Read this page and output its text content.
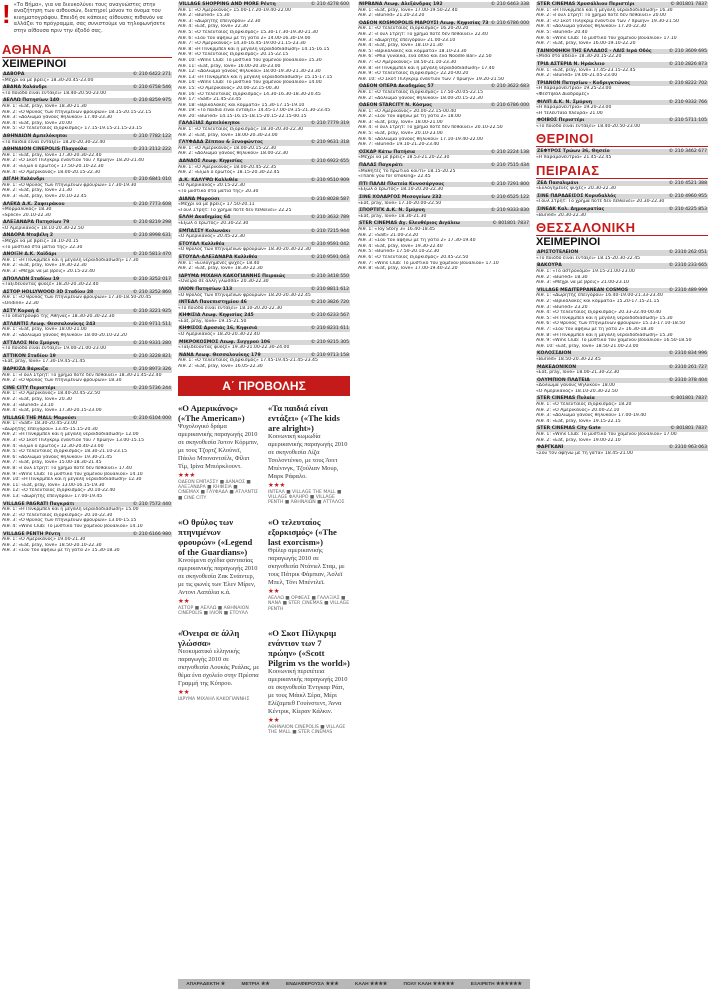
! «Το Βήμα», για να διευκολύνει τους αναγνώστες στην αναζήτηση των αιθουσών, διατηρεί μόνον το όνομα του κινηματογράφου. Επειδή σε κάποιες αίθουσες πιθανόν να αλλάζει το πρόγραμμα, σας συνιστούμε να τηλεφωνήσετε στην αίθουσα πριν την έξοδό σας.
ΑΘΗΝΑ
ΧΕΙΜΕΡΙΝΟΙ
ΔΑΒΟΡΑ	© 210 6422 271
«Μέχρι να με βρεις» 18.30-20.45-23.00
ΑΒΑΝΑ Χαλάνδρι	© 210 6758 546
«Το ποιόδό είναι εντάξει» 18.40-20.50-23.00
ΑΕΛΛΩ Πατησίων 140	© 210 8259 975
Αίθ. 1: «Eat, pray, love» 18.30-21.30
Αίθ. 2: «Ο θρύλος των πτηνιμένων φρουρών» 18.15-20.15-22.15
Αίθ. 3: «Δολιώμα γάνους θηλυκού» 17.40-23.30
Αίθ. 4: «Eat, pray, love» 20.00
Αίθ. 5: «Ο τελευταίος εξορκισμός» 17.15-19.15-21.15-23.15
ΑΘΗΝΑΙΩΝ Αμπελόκηποι	© 210 7782 122
«Το παιδιά είναι εντάξει» 18.20-20.30-22.40
ΑΘΗΝΑΙΟΝ CINEPOLIS Πλαγούλα	© 211 2112 222
Αίθ. 1: «Eat, pray, love» 17.30-20.30-22.40
Αίθ. 2: «Ο Σκοτ Πίλγκριμ ενάντιον του 7 πρώην» 18.20-21.40
Αίθ. 3: «Εξωλ ο έρωτος» 17.50-20.10-22.30
Αίθ. 4: «Ο Αμερικάνος» 18.00-20.15-22.30
ΑΙΓΛΗ Χαλάνδρι	© 210 6841 010
Αίθ. 1: «Ο θρύλος των πτηνιμένων φρουρών» 17.30-19.30
Αίθ. 2: «Eat, pray, love» 21.30
Αίθ. 3: «Eat, pray, love» 20.10-22.45
ΑΛΕΚΑ Δ.Κ. Ζαφειράκου	© 210 7773 608
«Μορμαλύκος» 18.30
«Splice» 20.10-22.30
ΑΛΕΞΑΝΔΡΑ Πατησίων 79	© 210 8219 298
«Ο Αμερικάνος» 18.10-20.30-22.50
ΑΝΔΟΡΑ Νταβέλη 2	© 210 8998 631
«Μέχρι να με βρεις» 18.10-20.15
«Το μυστικό στα μάτια της» 22.30
ΑΝΟΙΞΗ Δ.Κ. Χαϊδάρι	© 210 5813 470
Αίθ. 1: «Η Πίνκρμπελ και η μεγάλη νεραϊδοδιάσωση» 17.30
Αίθ. 2: «Eat, pray, love» 19.30-22.30
Αίθ. 3: «Μέχρι να με βρεις» 20.15-22.40
ΑΠΟΛΛΩΝ Σταδίου 19	© 210 3252 017
«Ταξιδεύοντας φύοζε» 18.20-20.30-22.40
ΑΣΤΟΡ HOLLYWOOD 3D Σταδίου 28	© 210 3252 860
Αίθ. 1: «Ο θρύλος των πτηνιμένων φρουρών» 17.30-18.50-20.45
«Ondine» 22.30
ΑΣΤΥ Κοραή 4	© 210 3221 925
«Το οπιάτρουφο της Αθήνας» 18.30-20.30-22.30
ΑΤΛΑΝΤΙΣ Λεωφ. Θεσσαλονίκης 243	© 210 9711 511
Αίθ. 1: «Eat, pray, love» 18.00-21.00
Αίθ. 2: «Δολιώμα γάνους θηλυκού» 18.00-20.10-22.20
ΑΤΤΑΛΟΣ Νέα Σμύρνη	© 210 9331 280
«Το ποιόδό είναι εντάξει» 19.00-21.00-23.00
ΑΤΤΙΚΟΝ Σταδίου 19	© 210 3228 821
«Eat, pray, love» 17.30-19.45-21.45
ΒΑΡΚΙΖΑ Βάρκιζα	© 210 8973 326
Αίθ. 1: «Γουλ Στρητ: Το χρήμα ποτέ δεν πεθαίνει» 18.30-21.45-22.40
Αίθ. 2: «Ο θρύλος των πτηνιμένων φρουρών» 18.30
CINE CITY Περιστέρι	© 210 5736 244
Αίθ. 1: «Ο Αμερικάνος» 18.40-20.45-22.50
Αίθ. 2: «Eat, pray, love» 20.30
Αίθ. 3: «Buried» 23.10
Αίθ. 4: «Eat, pray, love» 17.30-20.15-23.00
VILLAGE THE MALL Μαρούσι	© 210 6104 000
Αίθ. 1: «Salt» 18.30-20.45-23.00
«Δωρητής επειγόρου» 13.45-15.15-20.30
Αίθ. 2: «Η Πίνκρμπελ και η μεγάλη νεραϊδοδιάσωση» 12.00
Αίθ. 3: «Ο Σκοτ Πίλγκριμ ενάντιον του 7 πρώην» 13.00-15.15
Αίθ. 4: «Εξωλ ο έρωτος» 12.30-20.40-23.00
Αίθ. 5: «Ο τελευταίος εξορκισμός» 18.30-21.10-23.15
Αίθ. 6: «Δολιώμα γάνους θηλυκού» 19.30-21.45
Αίθ. 7: «Eat, pray, love» 15.00-18.30-21.45
Αίθ. 8: «Γουλ Στρητ: Το χρήμα ποτέ δεν πεθαίνει» 17.40
Αίθ. 9: «Wins Club: Το μυστικό του χαμένου βουαλιού» 14.10
Αίθ. 10: «Η Πίνκρμπελ και η μεγάλη νεραϊδοδιάσωση» 12.30
Αίθ. 11: «Eat, pray, love» 13.00-16.15-19.30
Αίθ. 12: «Ο τελευταίος εξορκισμός» 20.10-22.40
Αίθ. 13: «Δωρητής επειγόρου» 17.00-19.45
VILLAGE PAGRATI Παγκράτι	© 210 7572 440
Αίθ. 1: «Η Πίνκρμπελ και η μεγάλη νεραϊδοδιάσωση» 15.00
Αίθ. 2: «Ο τελευταίος εξορκισμός» 20.10-22.30
Αίθ. 3: «Ο θρύλος των πτηνιμένων φρουρών» 13.00-15.15
Αίθ. 4: «Wins Club: Το μυστικό του χαμένου βουαλιού» 14.10
VILLAGE ΡΕΝΤΗ Ρέντη	© 210 6166 980
Αίθ. 1: «Ο Αμερικάνος» 19.00-21.30
Αίθ. 2: «Eat, pray, love» 18.50-20.10-22.30
Αίθ. 3: «Σου τον αφήνω με τη γάτα 2» 15.30-18.30
VILLAGE SHOPPING AND MORE Ρέντη	© 210 4278 600
Αίθ. 1: «Ο Αμερικάνος» 15.00-17.20-19.40-22.00
Αίθ. 2: «Buried» 15.30
Αίθ. 3: «Δωρητής επειγόρου» 22.30
Αίθ. 4: «Eat, pray, love» 22.30
Αίθ. 5: «Ο τελευταίος εξορκισμός» 15.30-17.30-19.30-21.30
Αίθ. 6: «Σου τον αφήνω με τη γάτα 2» 14.00-16.30-19.00
Αίθ. 7: «Ο Αμερικάνος» 14.30-16.45-19.00-21.15-23.30
Αίθ. 8: «Η Πίνκρμπελ και η μεγάλη νεραϊδοδιάσωση» 14.15-16.15
Αίθ. 9: «Ο τελευταίος εξορκισμός» 20.15-22.15
Αίθ. 10: «Wins Club: Το μυστικό του χαμένου βουαλιού» 15.30
Αίθ. 11: «Eat, pray, love» 16.00-20.30-23.00
Αίθ. 12: «Δολιώμα γάνους θηλυκού» 18.00-19.30-21.30-23.30
Αίθ. 13: «Η Πίνκρμπελ και η μεγάλη νεραϊδοδιάσωση» 15.15-17.15
Αίθ. 14: «Wins Club: Το μυστικό του χαμένου βουαλιού» 14.00
Αίθ. 15: «Ο Αμερικάνος» 20.00-22.15-00.30
Αίθ. 16: «Ο τελευταίος εξορκισμός» 14.30-16.30-18.30-20.45
Αίθ. 17: «Salt» 21.45-23.45
Αίθ. 18: «Βρικόλακες και κόμματα» 15.30-17.15-19.10
Αίθ. 19: «Το παιδιά είναι εντάξει» 14.45-17.00-19.15-21.30-23.45
Αίθ. 20: «Buried» 14.15-16.15-18.15-20.15-22.15-00.15
ΓΑΛΑΞΙΑΣ Αμπελόκηποι	© 210 7779 319
Αίθ. 1: «Ο τελευταίος εξορκισμός» 18.30-20.30-22.30
Αίθ. 2: «Eat, pray, love» 18.00-20.30-23.00
ΓΛΥΦΑΔΑ Ζέππου & Ξενοφώντος	© 210 9631 318
Αίθ. 1: «Ο Αμερικάνος» 18.00-20.15-22.30
Αίθ. 2: «Δολιώμα γάνους θηλυκού» 18.00-22.30
ΔΑΝΑΟΣ Λεωφ. Κηφισίας	© 210 6922 655
Αίθ. 1: «Ο Αμερικάνος» 18.00-20.45-22.35
Αίθ. 2: «Εξωλ ο έρωτος» 18.15-20.30-22.45
Δ.Κ. ΚΑΛΥΨΩ Καλλιθέα	© 210 9510 909
«Ο Αμερικάνος» 20.15-22.30
«Το μυστικό στα μάτια της» 20.30
ΔΙΑΝΑ Μαρούσι	© 210 8028 587
«Μέχρι να με βρεις» 17.50-20.11
«Γουλ Στρητ: Το χρήμα ποτέ δεν πεθαίνει» 22.25
ΕΛΛΗ Ακαδημίας 64	© 210 3632 789
«Εξωλ ο έρωτος» 20.30-22.30
ΕΜΠΑΣΣΥ Κολωνάκι	© 210 7215 944
«Ο Αμερικάνος» 20.45-22.30
ΕΤΟΥΑΛ Καλλιθέα	© 210 9591 042
«Ο θρύλος των πτηνιμένων φρουρών» 18.30-20.30-22.30
ΕΤΟΥΑΛ-ΑΛΕΞΑΝΔΡΑ Καλλιθέα	© 210 9591 043
Αίθ. 1: «Ευλογημένες ψυχές» 18.40
Αίθ. 2: «Eat, pray, love» 18.30-22.30
ΙΔΡΥΜΑ ΜΙΧΑΗΛ ΚΑΚΟΓΙΑΝΝΗΣ Πειραιώς	© 210 3418 550
«Όνειρα σε άλλη γλώσσα» 20.30-22.30
ΙΛΙΟΝ Πατησίων 113	© 210 8811 612
«Ο θρύλος των πτηνιμένων φρουρών» 18.20-20.30-22.45
ΙΝΤΕΑΛ Πανεπιστημίου 46	© 210 3826 720
«Το ποιόδό είναι εντάξει» 18.10-20.20-22.30
ΚΗΦΙΣΙΑ Λεωφ. Κηφισίας 245	© 210 6233 567
«Eat, pray, love» 19.15-21.50
ΚΗΦΙΣΟΣ Δροσιάς 16, Κηφισιά	© 210 8231 611
«Ο Αμερικάνος» 18.20-20.30-22.40
ΜΙΚΡΟΚΟΣΜΟΣ Λεωφ. Συγγρού 106	© 210 9215 305
«Ταξιδεύοντας φύοζε» 19.30-21.00-22.30-24.00
NANA Λεωφ. Θεσσαλονίκης 179	© 210 9713 158
Αίθ. 1: «Ο τελευταίος εξορκισμός» 17.45-19.45-21.45-23.45
Αίθ. 2: «Eat, pray, love» 16.05-22.30
Α΄ ΠΡΟΒΟΛΗΣ
«Ο Αμερικάνος» («The American»)
Ψυχολογικό δράμα αμερικανικής παραγωγής 2010 σε σκηνοθεσία Άντον Κόρμπιν, με τους Τζορτζ Κλούνεϊ, Πάολο Μποναντσέλι, Φίλιπ Τίμ, Ιρίνα Μπιόρκλουντ.
★★★
ΟΔΕΟΝ ΕΜΠΑΣΣΥ ■ ΔΑΝΑΟΣ ■ ΑΛΕΞΑΝΔΡΑ ■ ΚΗΦΙΣΙΑ ■ CINEMAX ■ ΓΛΥΦΑΔΑ ■ ΑΤΛΑΝΤΙΣ ■ CINE CITY
«Τα παιδιά είναι εντάξει» («The kids are alright»)
Κοινωνική κωμωδία αμερικανικής παραγωγής 2010 σε σκηνοθεσία Λίζα Τσολοντένκο, με τους Άνετ Μπένινγκ, Τζούλιαν Μουρ, Μαρκ Ράφαλο.
★★★
ΙΝΤΕΑΛ ■ VILLAGE THE MALL ■ VILLAGE ΦΑΛΗΡΟ ■ VILLAGE ΡΕΝΤΗ ■ ΑΘΗΝΑΙΩΝ ■ ΑΤΤΑΛΟΣ
«Ο θρύλος των πτηνιμένων φρουρών» («Legend of the Guardians»)
Κινούμενα σχέδια φαντασίας αμερικανικής παραγωγής 2010 σε σκηνοθεσία Ζακ Σνάιντερ, με τις φωνές των Έλεν Μίρεν, Αντονι Λαπάλια κ.ά.
★★
ΑΣΤΟΡ ■ ΑΕΛΛΩ ■ ΑΘΗΝΑΙΟΝ CINEPOLIS ■ ΙΛΙΟΝ ■ ΕΤΟΥΑΛ
«Ο τελευταίος εξορκισμός» («The last exorcism»)
Θρίλερ αμερικανικής παραγωγής 2010 σε σκηνοθεσία Ντάνιελ Σταμ, με τους Πάτρικ Φάμπιαν, Άσλεϊ Μπελ, Τόνι Μπέντλεϊ.
★★
ΑΕΛΛΩ ■ ΟΡΦΕΑΣ ■ ΓΑΛΑΞΙΑΣ ■ NANA ■ STER CINEMAS ■ VILLAGE ΡΕΝΤΗ
«Όνειρα σε άλλη γλώσσα»
Νεοκυματικό ελληνικής παραγωγής 2010 σε σκηνοθεσία Λουκάς Ρεάλας, με θέμα ένα σχολείο στην Πρέσπα Γραμμή της Κύπρου.
★★
ΙΔΡΥΜΑ ΜΙΧΑΗΛ ΚΑΚΟΓΙΑΝΝΗΣ
«Ο Σκοτ Πίλγκριμ ενάντιον των 7 πρώην» («Scott Pilgrim vs the world»)
Κοινωνική περιπέτεια αμερικανικής παραγωγής 2010 σε σκηνοθεσία Έντγκαρ Ράιτ, με τους Μάικλ Σέρα, Μέρι Ελίζαμπεθ Γουίνστεντ, Άννα Κέντρικ, Κίεραν Κάλκιν.
★★
ΑΘΗΝΑΙΟΝ CINEPOLIS ■ VILLAGE THE MALL ■ STER CINEMAS
ΝΙΡΒΑΝΑ Λεωφ. Αλεξάνδρας 192	© 210 6463 338
Αίθ. 1: «Eat, pray, love» 17.00-19.50-22.40
Αίθ. 2: «Buried» 21.20-23.20
ΟΔΕΟΝ KOSMOPOLIS ΜΑΡΟΥΣΙ Λεωφ. Κηφισίας 73 © 210 6786 000
Αίθ. 1: «Ο τελευταίος εξορκισμός» 16.20-20.20
Αίθ. 2: «Γουλ Στρητ: Το χρήμα ποτέ δεν πεθαίνει» 22.40
Αίθ. 3: «Δωρητής επειγόρου» 21.00-23.10
Αίθ. 4: «Eat, pray, love» 18.10-21.30
Αίθ. 5: «Βρικόλακες και κόμματα» 18.10-23.30
Αίθ. 6: «Μια γυναίκα, ένα όπλο και ένα Noodle Bar» 22.50
Αίθ. 7: «Ο Αμερικάνος» 18.50-21.10-23.30
Αίθ. 8: «Η Πίνκρμπελ και η μεγάλη νεραϊδοδιάσωση» 17.40
Αίθ. 9: «Ο τελευταίος εξορκισμός» 22.20-00.20
Αίθ. 10: «Ο Σκοτ Πίλγκριμ ενάντιον των 7 πρώην» 19.20-21.50
ΟΔΕΟΝ ΟΠΕΡΑ Ακαδημίας 57	© 210 3622 683
Αίθ. 1: «Ο τελευταίος εξορκισμός» 17.50-20.05-22.15
Αίθ. 2: «Δολιώμα γάνους θηλυκού» 18.00-20.15-22.30
ΟΔΕΟΝ STARCITY Ν. Κόσμος	© 210 6786 000
Αίθ. 1: «Ο Αμερικάνος» 20.00-22.15-00.40
Αίθ. 2: «Σου τον αφήνω με τη γάτα 2» 18.00
Αίθ. 3: «Eat, pray, love» 18.00-21.00
Αίθ. 4: «Γουλ Στρητ: Το χρήμα ποτέ δεν πεθαίνει» 20.10-22.50
Αίθ. 5: «Eat, pray, love» 20.10-23.00
Αίθ. 6: «Δολιώμα γάνους θηλυκού» 17.10-19.40-22.00
Αίθ. 7: «Buried» 19.10-21.20-23.40
ΟΣΚΑΡ Κάτω Πατήσια	© 210 2224 138
«Μέχρι να με βρεις» 18.53-21.20-22.30
ΠΑΛΑΣ Παγκράτι	© 210 7515 434
«Μαθητές το πρωτινό κουτί» 18.15-20.25
«Thank you for smoking» 22.45
ΠΤΙ ΠΑΛΑΙ Πλατεία Κυνοσάργους	© 210 7291 800
«Εξωλ ο έρωτος» 18.10-20.20-22.30
ΣΙΝΕ ΧΟΛΑΡΓΟΣ Μεσογείων 232	© 210 6525 122
«Eat, pray, love» 17.10-20.00-22.50
ΣΠΟΡΤΙΓΚ Δ.Κ. Ν. Σμύρνη	© 210 9333 830
«Eat, pray, love» 18.30-21.30
STER CINEMAS Αγ. Ελευθέριος Αιγάλεω	© 801801 7837
Αίθ. 1: «Toy Story 3» 16.40-18.45
Αίθ. 2: «Salt» 21.00-23.20
Αίθ. 3: «Σου τον αφήνω με τη γάτα 2» 17.30-19.40
Αίθ. 4: «Eat, pray, love» 19.30-22.40
Αίθ. 5: «Buried» 17.50-20.10-22.30
Αίθ. 6: «Ο τελευταίος εξορκισμός» 20.45-22.50
Αίθ. 7: «Wins Club: Το μυστικό του χαμένου βουαλιού» 17.10
Αίθ. 8: «Eat, pray, love» 17.00-19.40-22.20
STER CINEMAS Χρυσάλλιου Περιστέρι	© 801801 7837
Αίθ. 1: «Η Πίνκρμπελ και η μεγάλη νεραϊδοδιάσωση» 16.30
Αίθ. 2: «Γουλ Στρητ: Το χρήμα ποτέ δεν πεθαίνει» 20.00
Αίθ. 3: «Ο Σκοτ Πίλγκριμ ενάντιον των 7 πρώην» 19.30-21.50
Αίθ. 4: «Δολιώμα γάνους θηλυκού» 17.20-22.30
Αίθ. 5: «Buried» 20.40
Αίθ. 6: «Wins Club: Το μυστικό του χαμένου βουαλιού» 17.10
Αίθ. 7: «Eat, pray, love» 16.00-19.10-22.20
ΤΑΙΝΙΟΘΗΚΗ ΤΗΣ ΕΛΛΑΔΟΣ - ΛΑΙΣ Ιερά Οδός	© 210 3609 695
«Μίσα στο άδειο» 18.30-20.15-22.20
ΤΡΙΑ ΑΣΤΕΡΙΑ Ν. Ηράκλειο	© 210 2826 873
Αίθ. 1: «Eat, pray, love» 17.45-23.15-22.45
Αίθ. 2: «Buried» 19.00-21.05-23.00
ΤΡΙΑΝΟΝ Πατησίων - Κοδριγκτώνος	© 210 8222 702
«Η παραμονεύτρια» 19.25-23.00
«Φεστιβάλ Διαδρομές»
ΦΙΛΙΠ Δ.Κ. Ν. Σμύρνη	© 210 9332 766
«Η παραμονεύτρια» 19.20-23.00
«Η τελευταία πλευρά» 21.00
ΦΟΙΒΟΣ Περιστέρι	© 210 5711 105
«Το ποιόδό είναι εντάξει» 18.40-20.50-23.00
ΘΕΡΙΝΟΙ
ΖΕΦΥΡΟΣ Τρώων 36, Θησείο	© 210 3462 677
«Η παραμονεύτρια» 21.45-22.45
ΠΕΙΡΑΙΑΣ
ΖΕΑ Πασαλιμάνι	© 210 4521 388
«Ευλογημένες ψυχές» 20.30-22.30
ΣΙΝΕ ΠΑΡΑΔΕΙΣΟΣ Κορυδαλλός	© 210 4960 955
«Γουλ Στρητ: Το χρήμα ποτέ δεν πεθαίνει» 20.30-22.30
ΣΙΝΕΑΚ Καλ. Δημοκρατίας	© 210 4225 853
«Buried» 20.30-22.30
ΘΕΣΣΑΛΟΝΙΚΗ
ΧΕΙΜΕΡΙΝΟΙ
ΑΡΙΣΤΟΤΕΛΕΙΟΝ	© 2310 262 051
«Το ποιόδό είναι εντάξει» 18.15-20.30-22.45
ΒΑΚΟΥΡΑ	© 2310 233 665
Αίθ. 1: «Το αστρονόμο» 19.15-21.00-23.00
Αίθ. 2: «Buried» 18.30
Αίθ. 3: «Μέχρι να με βρεις» 21.00-23.10
VILLAGE ΜΕΔΙΤΕΡΡΑΝΕΑΝ COSMOS	© 2310 489 999
Αίθ. 1: «Δωρητής επειγόρου» 16.40-19.00-21.33-23.40
Αίθ. 2: «Βρικόλακες και κόμματα» 15.20-17.15-21.15
Αίθ. 3: «Buried» 23.20
Αίθ. 4: «Ο τελευταίος εξορκισμός» 20.33-22.40-00.40
Αίθ. 5: «Η Πίνκρμπελ και η μεγάλη νεραϊδοδιάσωση» 15.30
Αίθ. 6: «Ο θρύλος των πτηνιμένων φρουρών» 15.13-17.10-18.50
Αίθ. 7: «Σου τον αφήνω με τη γάτα 2» 16.30-18.30
Αίθ. 8: «Η Πίνκρμπελ και η μεγάλη νεραϊδοδιάσωση» 15.30
Αίθ. 9: «Wins Club: Το μυστικό του χαμένου βουαλιού» 16.50-18.50
Αίθ. 10: «Eat, pray, love» 18.50-21.00-23.00
ΚΟΛΟΣΣΑΙΟΝ	© 2310 834 996
«Buried» 18.50-20.30-22.45
ΜΑΚΕΔΟΝΙΚΟΝ	© 2310 261 727
«Eat, pray, love» 18.00-21.30-22.30
ΟΛΥΜΠΙΟΝ ΠΛΑΤΕΙΑ	© 2310 378 404
«Δολιώμα γάνους θηλυκού» 18.00
«Ο Αμερικάνος» 18.10-20.30-22.50
STER CINEMAS Πυλαία	© 801801 7837
Αίθ. 1: «Ο τελευταίος εξορκισμός» 18.20
Αίθ. 2: «Ο Αμερικάνος» 20.00-22.10
Αίθ. 3: «Δολιώμα γάνους θηλυκού» 17.00-19.40
Αίθ. 4: «Eat, pray, love» 19.15-22.15
STER CINEMAS City Gate	© 801801 7837
Αίθ. 1: «Wins Club: Το μυστικό του χαμένου βουαλιού» 17.00
Αίθ. 2: «Eat, pray, love» 19.00-22.10
ΦΑΡΓΚΑΝΙ	© 2310 963 063
«Σου τον αφήνω με τη γάτα» 18.45-21.00
ΑΠΑΡΑΔΕΚΤΗ ★	ΜΕΤΡΙΑ ★★	ΕΝΔΙΑΦΕΡΟΥΣΑ ★★★	ΚΑΛΗ ★★★★	ΠΟΛΥ ΚΑΛΗ ★★★★★	ΕΞΑΙΡΕΤΗ ★★★★★★
